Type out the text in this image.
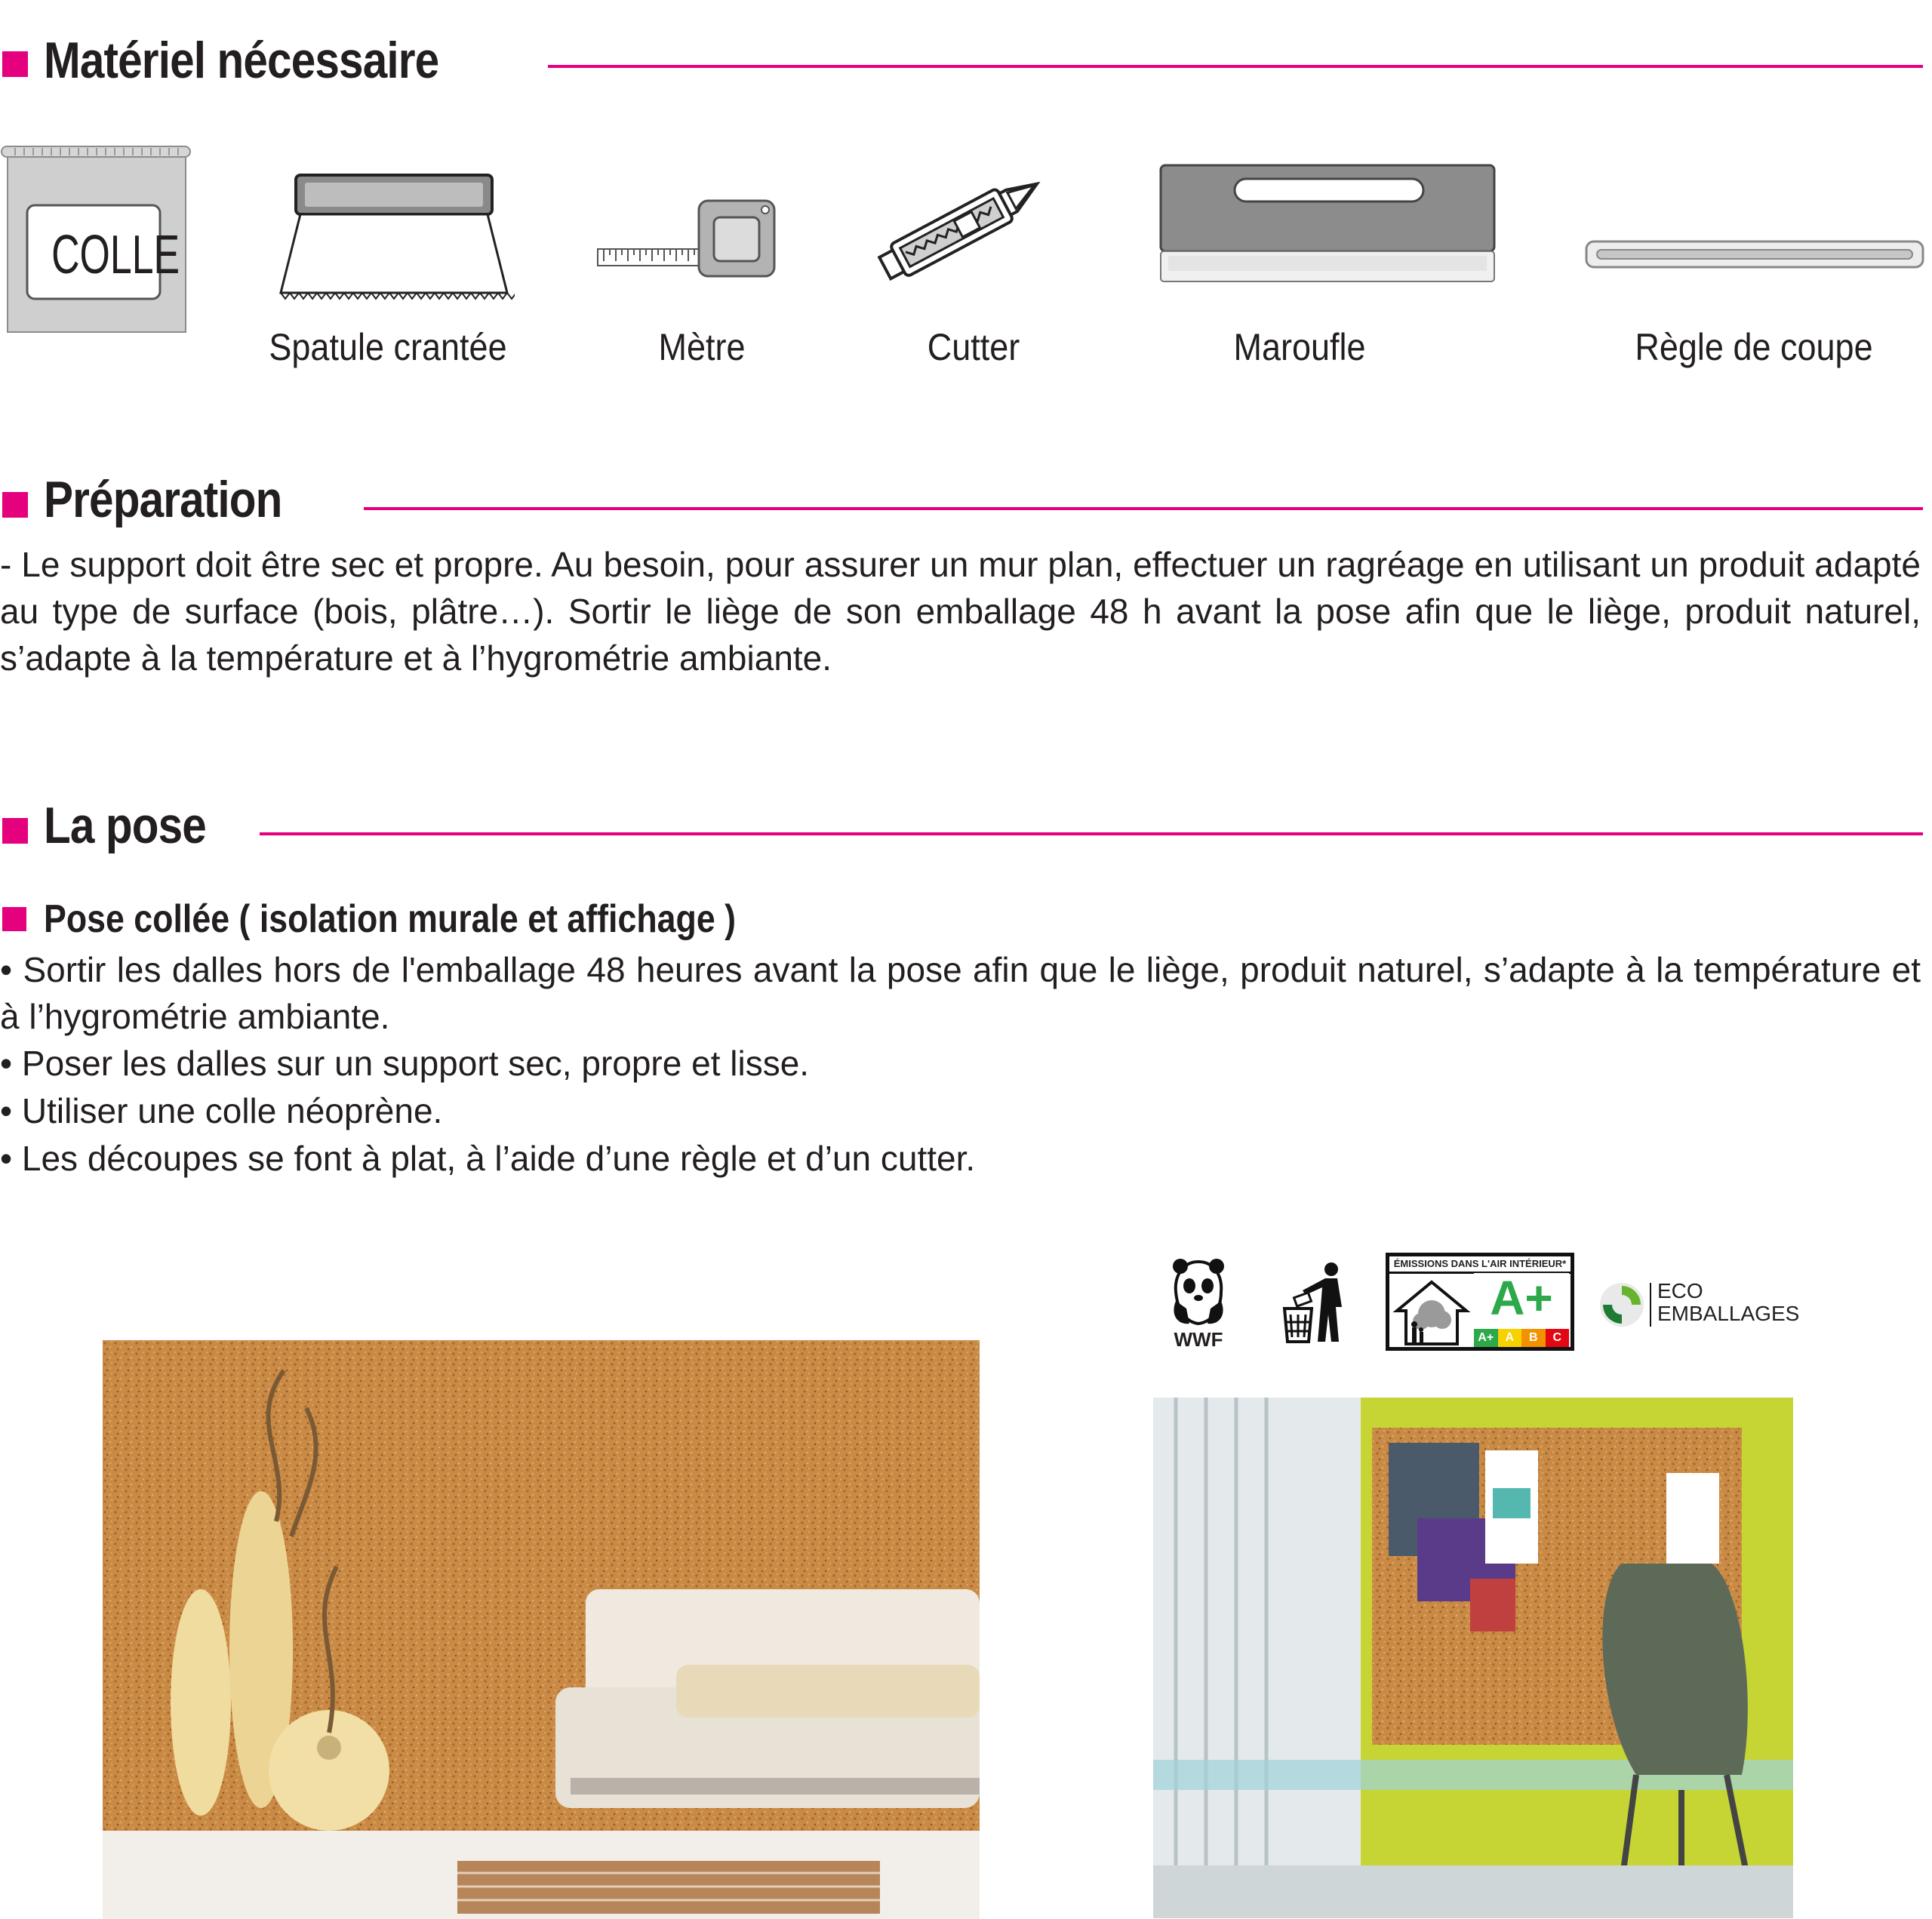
Matériel nécessaire
COLLE
Spatule crantée	Mètre	Cutter	Maroufle	Règle de coupe
Préparation

- Le support doit être sec et propre. Au besoin, pour assurer un mur plan, effectuer un ragréage en utilisant un produit adapté au type de surface (bois, plâtre…). Sortir le liège de son emballage 48 h avant la pose afin que le liège, produit naturel, s’adapte à la température et à l’hygrométrie ambiante.

La pose
Pose collée ( isolation murale et affichage )

• Sortir les dalles hors de l'emballage 48 heures avant la pose afin que le liège, produit naturel, s’adapte à la température et à l’hygrométrie ambiante.

• Poser les dalles sur un support sec, propre et lisse.
• Utiliser une colle néoprène.
• Les découpes se font à plat, à l’aide d’une règle et d’un cutter.
WWF
ÉMISSIONS DANS L'AIR INTÉRIEUR*
A+
A+ A	B	C
ECO
EMBALLAGES
